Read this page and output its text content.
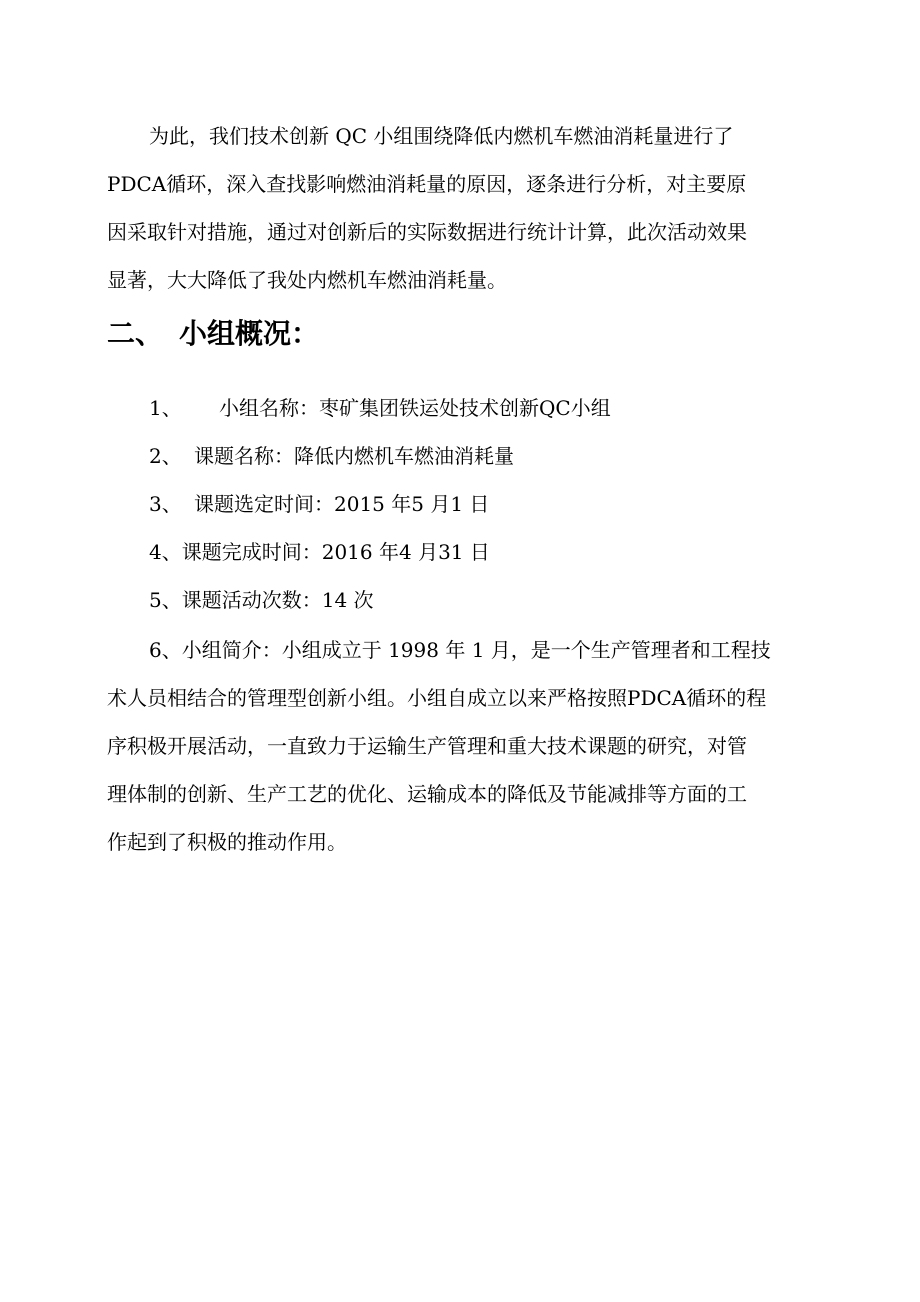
为此，我们技术创新 QC 小组围绕降低内燃机车燃油消耗量进行了
PDCA循环，深入查找影响燃油消耗量的原因，逐条进行分析，对主要原
因采取针对措施，通过对创新后的实际数据进行统计计算，此次活动效果
显著，大大降低了我处内燃机车燃油消耗量。
二、 小组概况：
1、 小组名称：枣矿集团铁运处技术创新QC小组
2、 课题名称：降低内燃机车燃油消耗量
3、 课题选定时间：2015 年5 月1 日
4、课题完成时间：2016 年4 月31 日
5、课题活动次数：14 次
6、小组简介：小组成立于 1998 年 1 月，是一个生产管理者和工程技
术人员相结合的管理型创新小组。小组自成立以来严格按照PDCA循环的程
序积极开展活动，一直致力于运输生产管理和重大技术课题的研究，对管
理体制的创新、生产工艺的优化、运输成本的降低及节能减排等方面的工
作起到了积极的推动作用。
